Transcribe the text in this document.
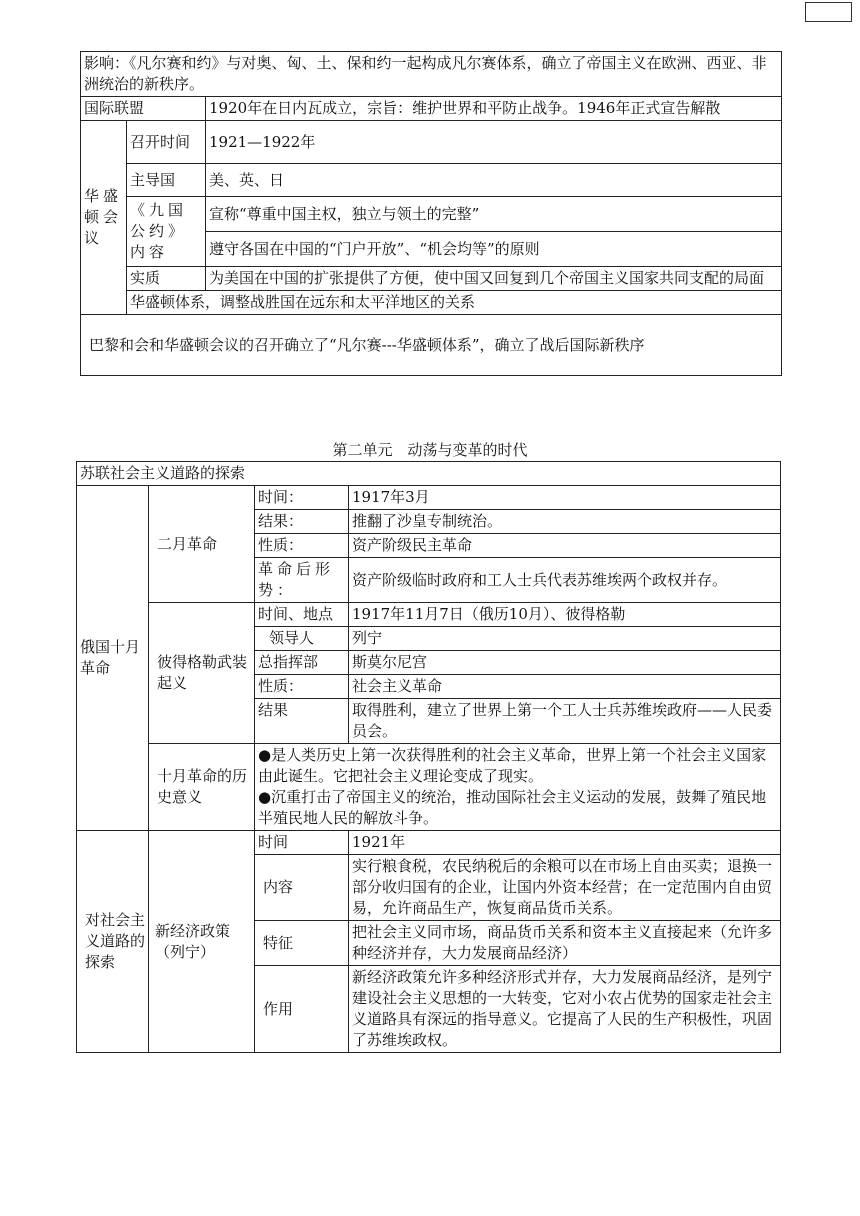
影响：《凡尔赛和约》与对奥、匈、土、保和约一起构成凡尔赛体系，确立了帝国主义在欧洲、西亚、非洲统治的新秩序。		
国际联盟		1920年在日内瓦成立，宗旨：维护世界和平防止战争。1946年正式宣告解散
华盛顿会议	召开时间	1921—1922年
	主导国	美、英、日
	《九国公约》内容	宣称“尊重中国主权，独立与领土的完整”
		遵守各国在中国的“门户开放”、“机会均等”的原则
	实质	为美国在中国的扩张提供了方便，使中国又回复到几个帝国主义国家共同支配的局面
	华盛顿体系，调整战胜国在远东和太平洋地区的关系	
巴黎和会和华盛顿会议的召开确立了“凡尔赛---华盛顿体系”，确立了战后国际新秩序		
第二单元　动荡与变革的时代
苏联社会主义道路的探索			
俄国十月革命	二月革命	时间：	1917年3月
		结果：	推翻了沙皇专制统治。
		性质：	资产阶级民主革命
		革命后形势：	资产阶级临时政府和工人士兵代表苏维埃两个政权并存。
	彼得格勒武装起义	时间、地点	1917年11月7日（俄历10月）、彼得格勒
		领导人	列宁
		总指挥部	斯莫尔尼宫
		性质：	社会主义革命
		结果	取得胜利，建立了世界上第一个工人士兵苏维埃政府——人民委员会。
	十月革命的历史意义	●是人类历史上第一次获得胜利的社会主义革命，世界上第一个社会主义国家由此诞生。它把社会主义理论变成了现实。
●沉重打击了帝国主义的统治，推动国际社会主义运动的发展，鼓舞了殖民地半殖民地人民的解放斗争。	

对社会主义道路的探索	新经济政策（列宁）	时间	1921年
		内容	实行粮食税，农民纳税后的余粮可以在市场上自由买卖；退换一部分收归国有的企业，让国内外资本经营；在一定范围内自由贸易，允许商品生产，恢复商品货币关系。
		特征	把社会主义同市场，商品货币关系和资本主义直接起来（允许多种经济并存，大力发展商品经济）
		作用	新经济政策允许多种经济形式并存，大力发展商品经济，是列宁建设社会主义思想的一大转变，它对小农占优势的国家走社会主义道路具有深远的指导意义。它提高了人民的生产积极性，巩固了苏维埃政权。
